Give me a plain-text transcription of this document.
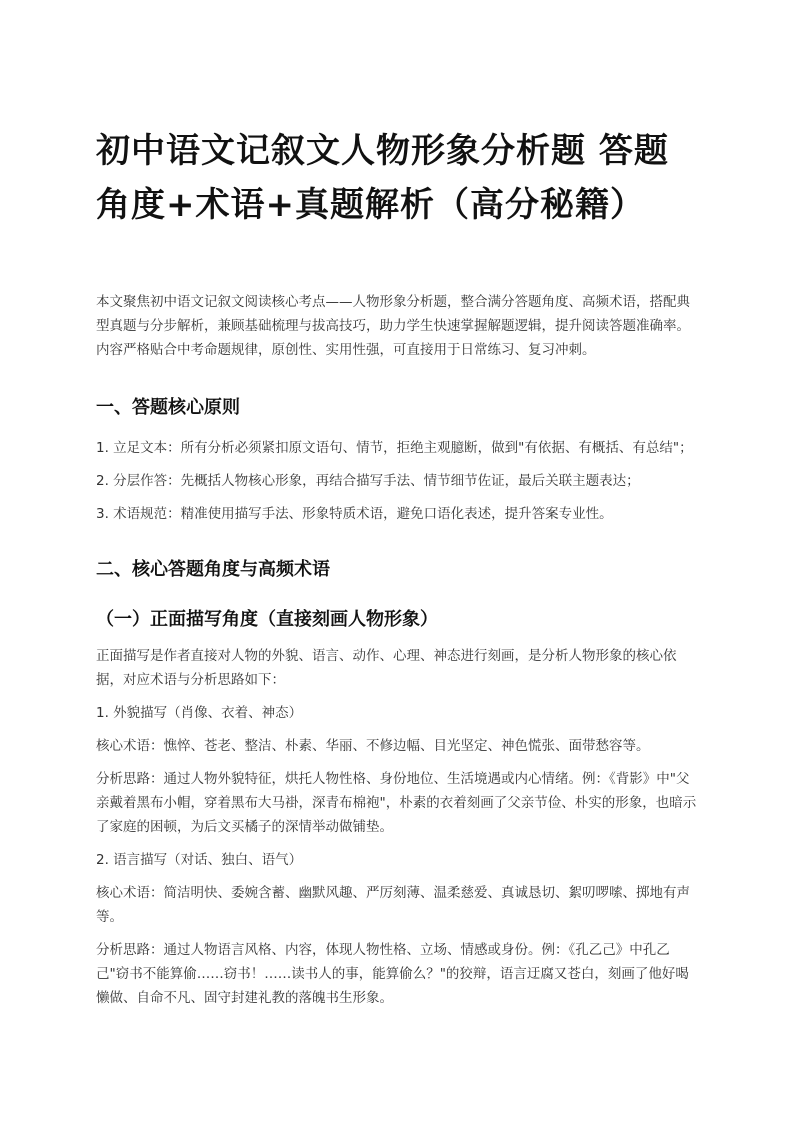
初中语文记叙文人物形象分析题 答题角度+术语+真题解析（高分秘籍）

本文聚焦初中语文记叙文阅读核心考点——人物形象分析题，整合满分答题角度、高频术语，搭配典型真题与分步解析，兼顾基础梳理与拔高技巧，助力学生快速掌握解题逻辑，提升阅读答题准确率。内容严格贴合中考命题规律，原创性、实用性强，可直接用于日常练习、复习冲刺。

一、答题核心原则

1. 立足文本：所有分析必须紧扣原文语句、情节，拒绝主观臆断，做到"有依据、有概括、有总结"；

2. 分层作答：先概括人物核心形象，再结合描写手法、情节细节佐证，最后关联主题表达；

3. 术语规范：精准使用描写手法、形象特质术语，避免口语化表述，提升答案专业性。

二、核心答题角度与高频术语
（一）正面描写角度（直接刻画人物形象）

正面描写是作者直接对人物的外貌、语言、动作、心理、神态进行刻画，是分析人物形象的核心依据，对应术语与分析思路如下：

1. 外貌描写（肖像、衣着、神态）

核心术语：憔悴、苍老、整洁、朴素、华丽、不修边幅、目光坚定、神色慌张、面带愁容等。

分析思路：通过人物外貌特征，烘托人物性格、身份地位、生活境遇或内心情绪。例：《背影》中"父亲戴着黑布小帽，穿着黑布大马褂，深青布棉袍"，朴素的衣着刻画了父亲节俭、朴实的形象，也暗示了家庭的困顿，为后文买橘子的深情举动做铺垫。

2. 语言描写（对话、独白、语气）

核心术语：简洁明快、委婉含蓄、幽默风趣、严厉刻薄、温柔慈爱、真诚恳切、絮叨啰嗦、掷地有声等。

分析思路：通过人物语言风格、内容，体现人物性格、立场、情感或身份。例：《孔乙己》中孔乙己"窃书不能算偷……窃书！……读书人的事，能算偷么？"的狡辩，语言迂腐又苍白，刻画了他好喝懒做、自命不凡、固守封建礼教的落魄书生形象。
